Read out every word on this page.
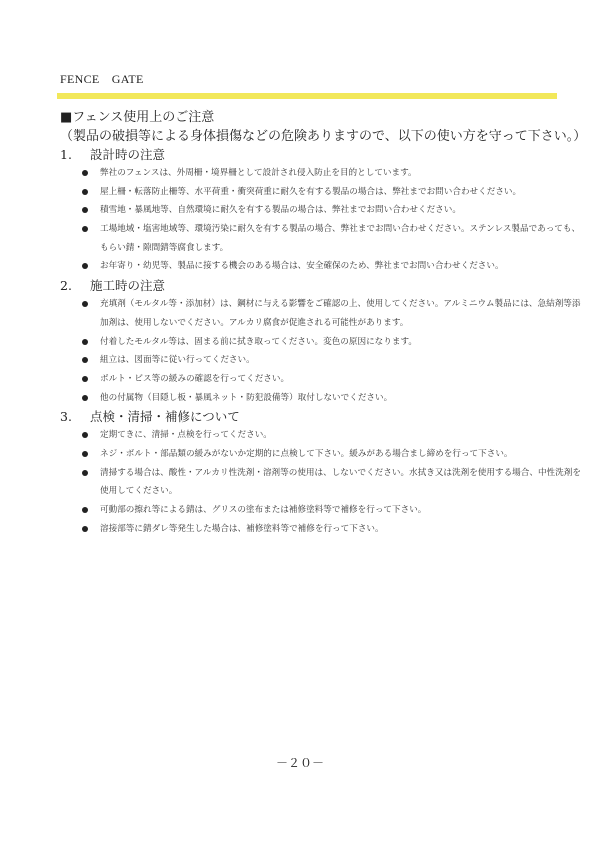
FENCE　GATE
■フェンス使用上のご注意
（製品の破損等による身体損傷などの危険ありますので、以下の使い方を守って下さい。）
1. 設計時の注意
弊社のフェンスは、外周柵・境界柵として設計され侵入防止を目的としています。
屋上柵・転落防止柵等、水平荷重・衝突荷重に耐久を有する製品の場合は、弊社までお問い合わせください。
積雪地・暴風地等、自然環境に耐久を有する製品の場合は、弊社までお問い合わせください。
工場地域・塩害地域等、環境汚染に耐久を有する製品の場合、弊社までお問い合わせください。ステンレス製品であっても、
もらい錆・隙間錆等腐食します。
お年寄り・幼児等、製品に接する機会のある場合は、安全確保のため、弊社までお問い合わせください。
2. 施工時の注意
充填剤（モルタル等・添加材）は、鋼材に与える影響をご確認の上、使用してください。アルミニウム製品には、急結剤等添
加剤は、使用しないでください。アルカリ腐食が促進される可能性があります。
付着したモルタル等は、固まる前に拭き取ってください。変色の原因になります。
組立は、図面等に従い行ってください。
ボルト・ビス等の緩みの確認を行ってください。
他の付属物（目隠し板・暴風ネット・防犯設備等）取付しないでください。
3. 点検・清掃・補修について
定期てきに、清掃・点検を行ってください。
ネジ・ボルト・部品類の緩みがないか定期的に点検して下さい。緩みがある場合まし締めを行って下さい。
清掃する場合は、酸性・アルカリ性洗剤・溶剤等の使用は、しないでください。水拭き又は洗剤を使用する場合、中性洗剤を
使用してください。
可動部の擦れ等による錆は、グリスの塗布または補修塗料等で補修を行って下さい。
溶接部等に錆ダレ等発生した場合は、補修塗料等で補修を行って下さい。
－２０－
